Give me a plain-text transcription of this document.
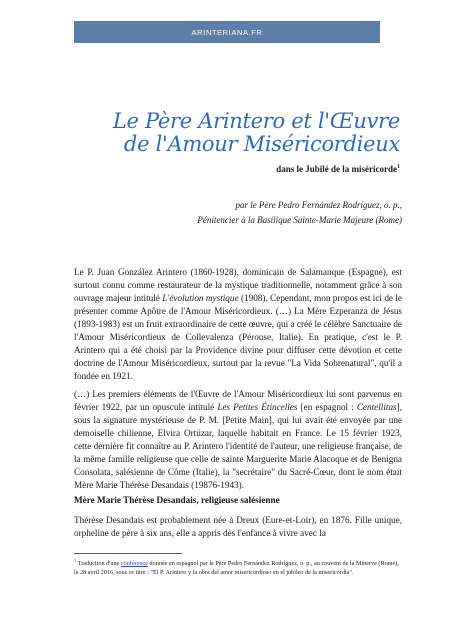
ARINTERIANA.FR
Le Père Arintero et l'Œuvre
de l'Amour Miséricordieux
dans le Jubilé de la miséricorde$^1$
par le Père Pedro Fernández Rodríguez, o. p.,
Pénitencier à la Basilique Sainte-Marie Majeure (Rome)

Le P. Juan González Arintero (1860-1928), dominicain de Salamanque (Espagne), est surtout connu comme restaurateur de la mystique traditionnelle, notamment grâce à son ouvrage majeur intitulé L'évolution mystique (1908). Cependant, mon propos est ici de le présenter comme Apôtre de l'Amour Miséricordieux. (…) La Mère Ezperanza de Jésus (1893-1983) est un fruit extraordinaire de cette œuvre, qui a créé le célèbre Sanctuaire de l'Amour Miséricordieux de Collevalenza (Pérouse, Italie). En pratique, c'est le P. Arintero qui a été choisi par la Providence divine pour diffuser cette dévotion et cette doctrine de l'Amour Miséricordieux, surtout par la revue "La Vida Sobrenatural", qu'il a fondée en 1921.

(…) Les premiers éléments de l'Œuvre de l'Amour Miséricordieux lui sont parvenus en février 1922, par un opuscule intitulé Les Petites Étincelles [en espagnol : Centellitas], sous la signature mystérieuse de P. M. [Petite Main], qui lui avait été envoyée par une demoiselle chilienne, Elvira Ortúzar, laquelle habitait en France. Le 15 février 1923, cette dernière fit connaître au P. Arintero l'identité de l'auteur, une religieuse française, de la même famille religieuse que celle de sainte Marguerite Marie Alacoque et de Benigna Consolata, salésienne de Côme (Italie), la "secrétaire" du Sacré-Cœur, dont le nom était Mère Marie Thérèse Desandais (19876-1943).

Mère Marie Thérèse Desandais, religieuse salésienne

Thérèse Desandais est probablement née à Dreux (Eure-et-Loir), en 1876. Fille unique, orpheline de père à six ans, elle a appris dès l'enfance à vivre avec la

$^1$ Traduction d'une conférence donnée en espagnol par le Père Pedro Fernández Rodríguez, o. p., au couvent de la Minerve (Rome), le 28 avril 2016, sous ce titre : "El P. Arintero y la obra del amor misericordioso en el jubileo de la misericordia".
